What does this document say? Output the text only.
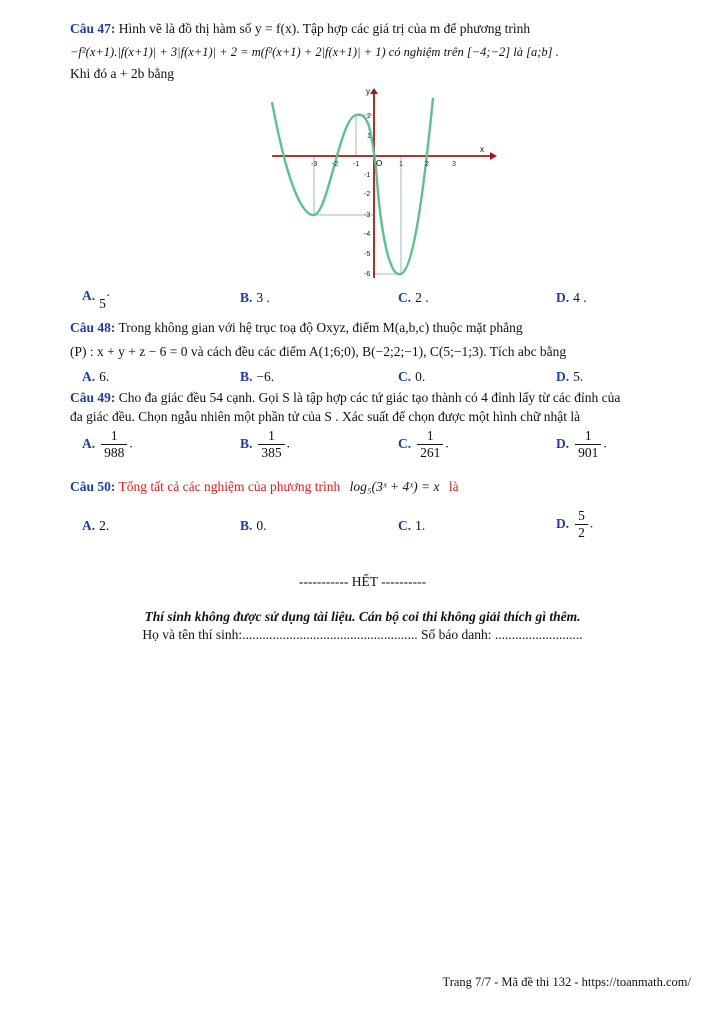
Câu 47: Hình vẽ là đồ thị hàm số y = f(x). Tập hợp các giá trị của m để phương trình
−f²(x+1).|f(x+1)| + 3|f(x+1)| + 2 = m(f²(x+1) + 2|f(x+1)| + 1) có nghiệm trên [−4;−2] là [a;b] .
Khi đó a + 2b bằng
x
y
O
-3 -2 -1	1	2	3
2
1
-1
-2
-3
-4
-5
-6
A.5·	B. 3 .	C. 2 .	D. 4 .
Câu 48: Trong không gian với hệ trục toạ độ Oxyz, điểm M(a,b,c) thuộc mặt phẳng
(P) : x + y + z − 6 = 0 và cách đều các điểm A(1;6;0), B(−2;2;−1), C(5;−1;3). Tích abc bằng
A. 6.	B. −6.	C. 0.	D. 5.
Câu 49: Cho đa giác đều 54 cạnh. Gọi S là tập hợp các tứ giác tạo thành có 4 đỉnh lấy từ các đỉnh của
đa giác đều. Chọn ngẫu nhiên một phần tử của S . Xác suất để chọn được một hình chữ nhật là
A. $\frac{1}{988}$ .	B. $\frac{1}{385}$ .	C. $\frac{1}{261}$ .	D. $\frac{1}{901}$ .
Câu 50: Tổng tất cả các nghiệm của phương trình log₅(3ˣ + 4ˣ) = x là
A. 2.	B. 0.	C. 1.	D. $\frac{5}{2}$ .
----------- HẾT ----------
Thí sinh không được sử dụng tài liệu. Cán bộ coi thi không giải thích gì thêm.
Họ và tên thí sinh:.................................................... Số báo danh: ..........................
Trang 7/7 - Mã đề thi 132 - https://toanmath.com/
